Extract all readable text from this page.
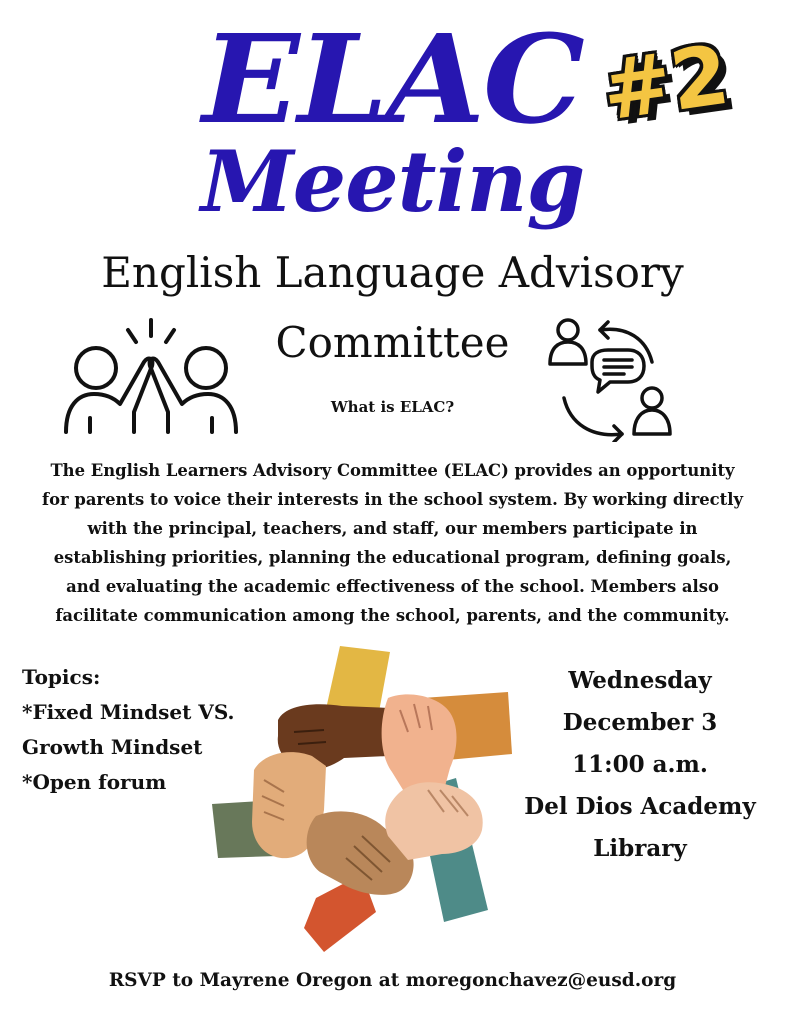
ELAC
Meeting
#2
English Language Advisory
Committee
What is ELAC?
The English Learners Advisory Committee (ELAC) provides an opportunity
for parents to voice their interests in the school system. By working directly
with the principal, teachers, and staff, our members participate in
establishing priorities, planning the educational program, defining goals,
and evaluating the academic effectiveness of the school. Members also
facilitate communication among the school, parents, and the community.
Topics:
*Fixed Mindset VS.
Growth Mindset
*Open forum
Wednesday
December 3
11:00 a.m.
Del Dios Academy
Library
RSVP to Mayrene Oregon at moregonchavez@eusd.org
